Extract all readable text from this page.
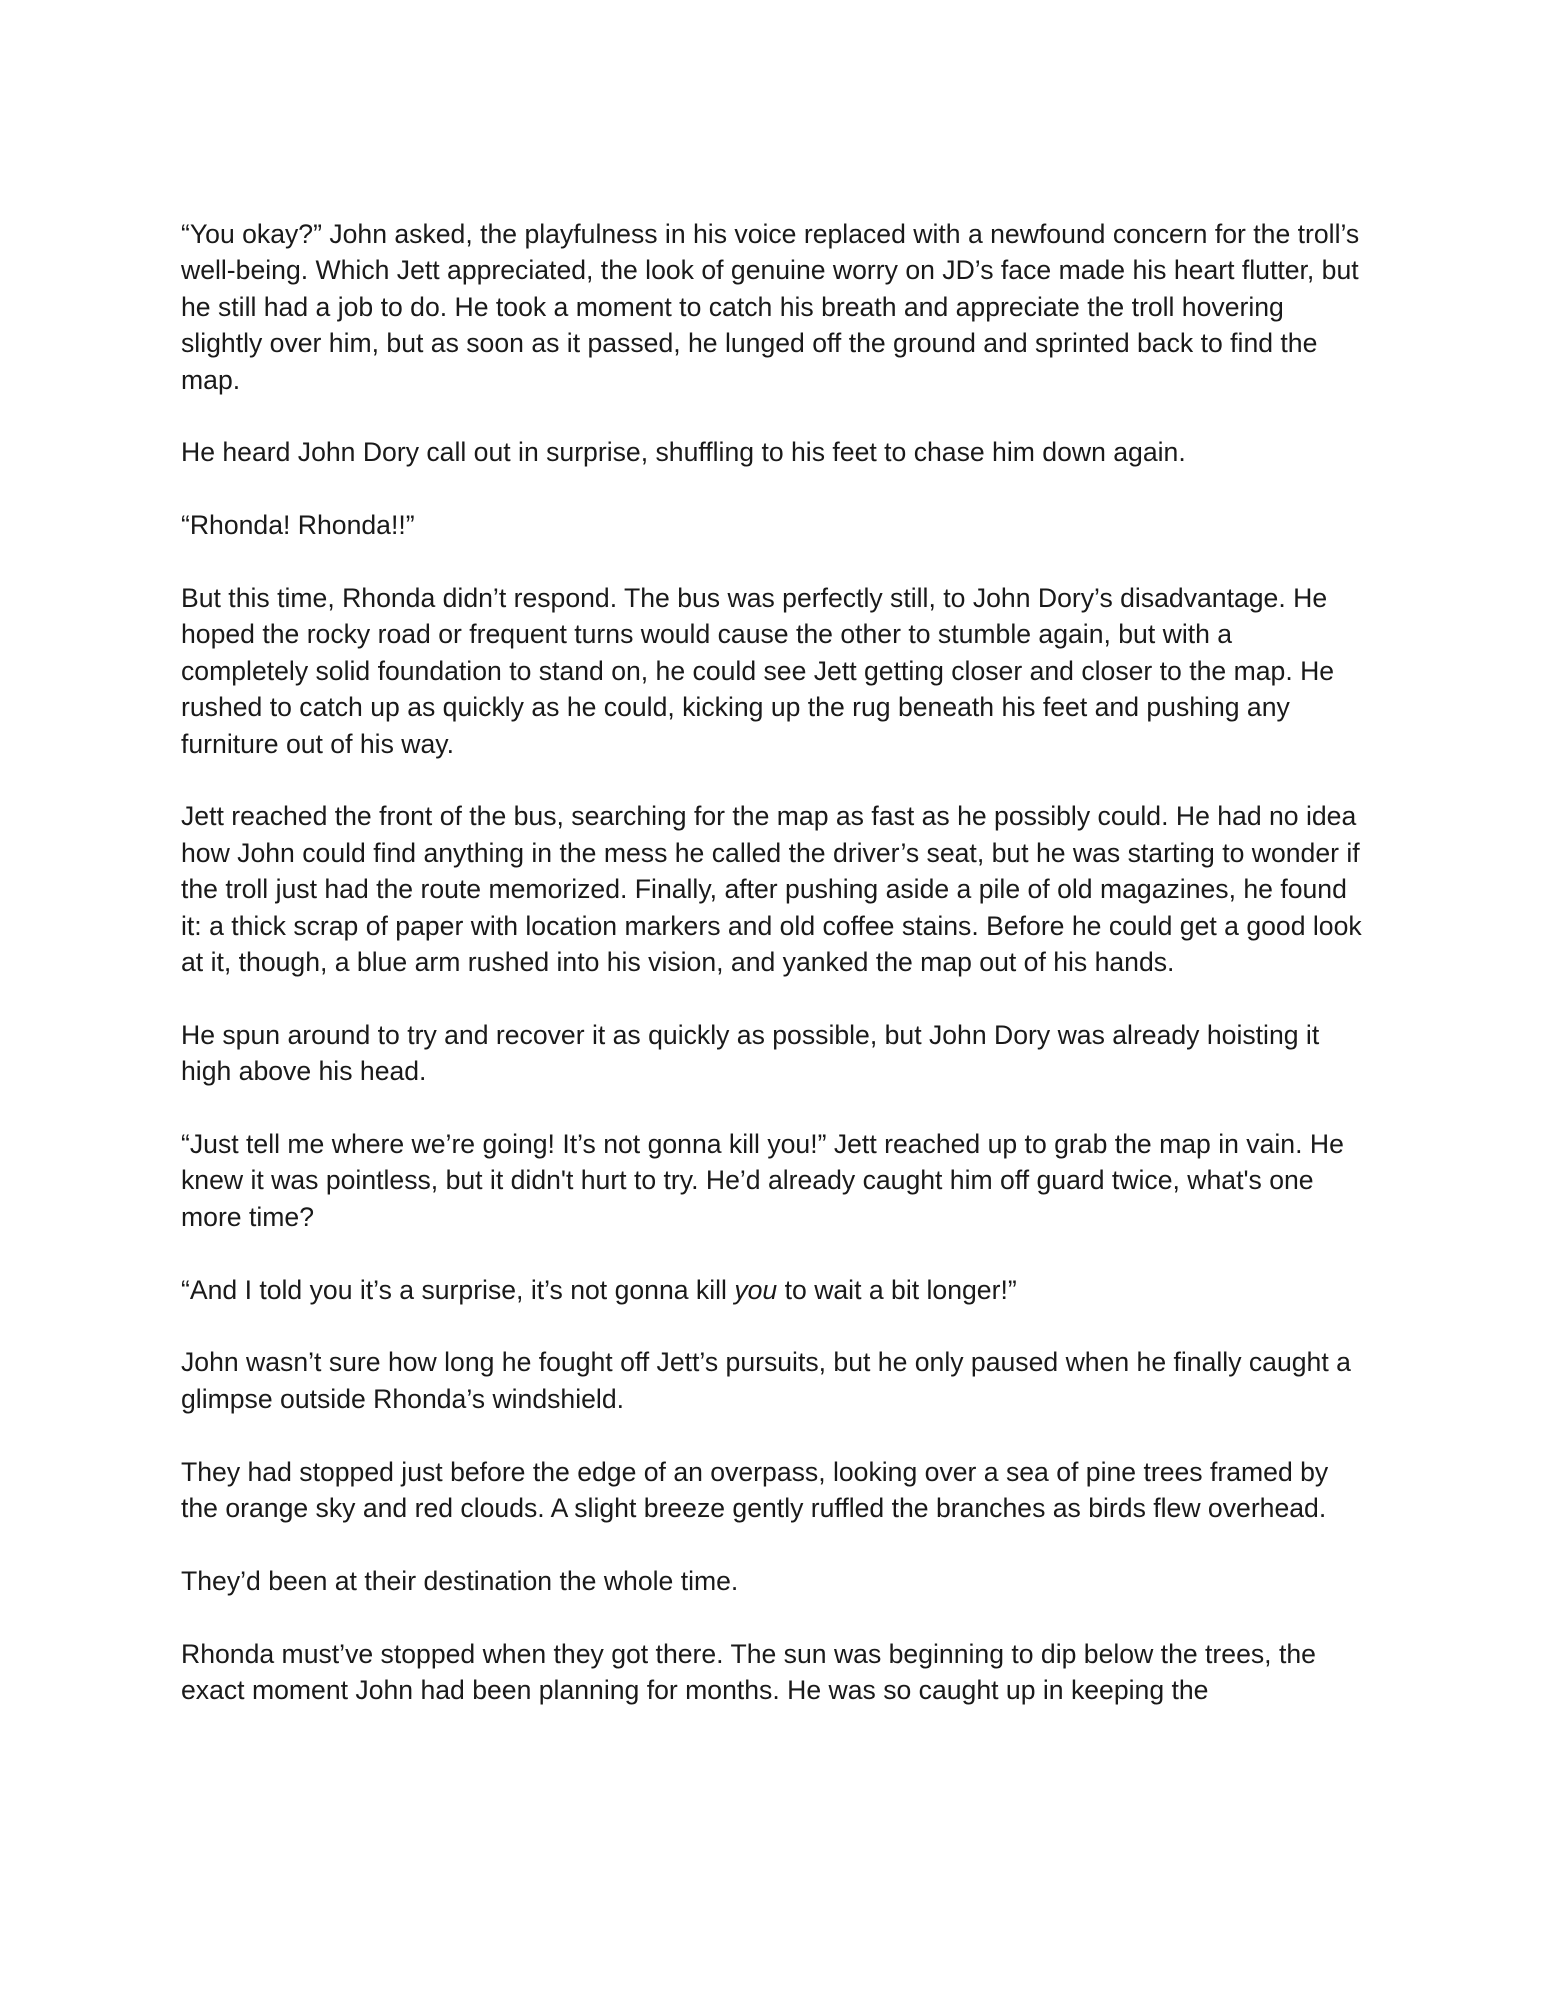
“You okay?” John asked, the playfulness in his voice replaced with a newfound concern for the troll’s well-being. Which Jett appreciated, the look of genuine worry on JD’s face made his heart flutter, but he still had a job to do. He took a moment to catch his breath and appreciate the troll hovering slightly over him, but as soon as it passed, he lunged off the ground and sprinted back to find the map.

He heard John Dory call out in surprise, shuffling to his feet to chase him down again.

“Rhonda! Rhonda!!”

But this time, Rhonda didn’t respond. The bus was perfectly still, to John Dory’s disadvantage. He hoped the rocky road or frequent turns would cause the other to stumble again, but with a completely solid foundation to stand on, he could see Jett getting closer and closer to the map. He rushed to catch up as quickly as he could, kicking up the rug beneath his feet and pushing any furniture out of his way.

Jett reached the front of the bus, searching for the map as fast as he possibly could. He had no idea how John could find anything in the mess he called the driver’s seat, but he was starting to wonder if the troll just had the route memorized. Finally, after pushing aside a pile of old magazines, he found it: a thick scrap of paper with location markers and old coffee stains. Before he could get a good look at it, though, a blue arm rushed into his vision, and yanked the map out of his hands.

He spun around to try and recover it as quickly as possible, but John Dory was already hoisting it high above his head.

“Just tell me where we’re going! It’s not gonna kill you!” Jett reached up to grab the map in vain. He knew it was pointless, but it didn't hurt to try. He’d already caught him off guard twice, what's one more time?

“And I told you it’s a surprise, it’s not gonna kill you to wait a bit longer!”

John wasn’t sure how long he fought off Jett’s pursuits, but he only paused when he finally caught a glimpse outside Rhonda’s windshield.

They had stopped just before the edge of an overpass, looking over a sea of pine trees framed by the orange sky and red clouds. A slight breeze gently ruffled the branches as birds flew overhead.

They’d been at their destination the whole time.

Rhonda must’ve stopped when they got there. The sun was beginning to dip below the trees, the exact moment John had been planning for months. He was so caught up in keeping the
